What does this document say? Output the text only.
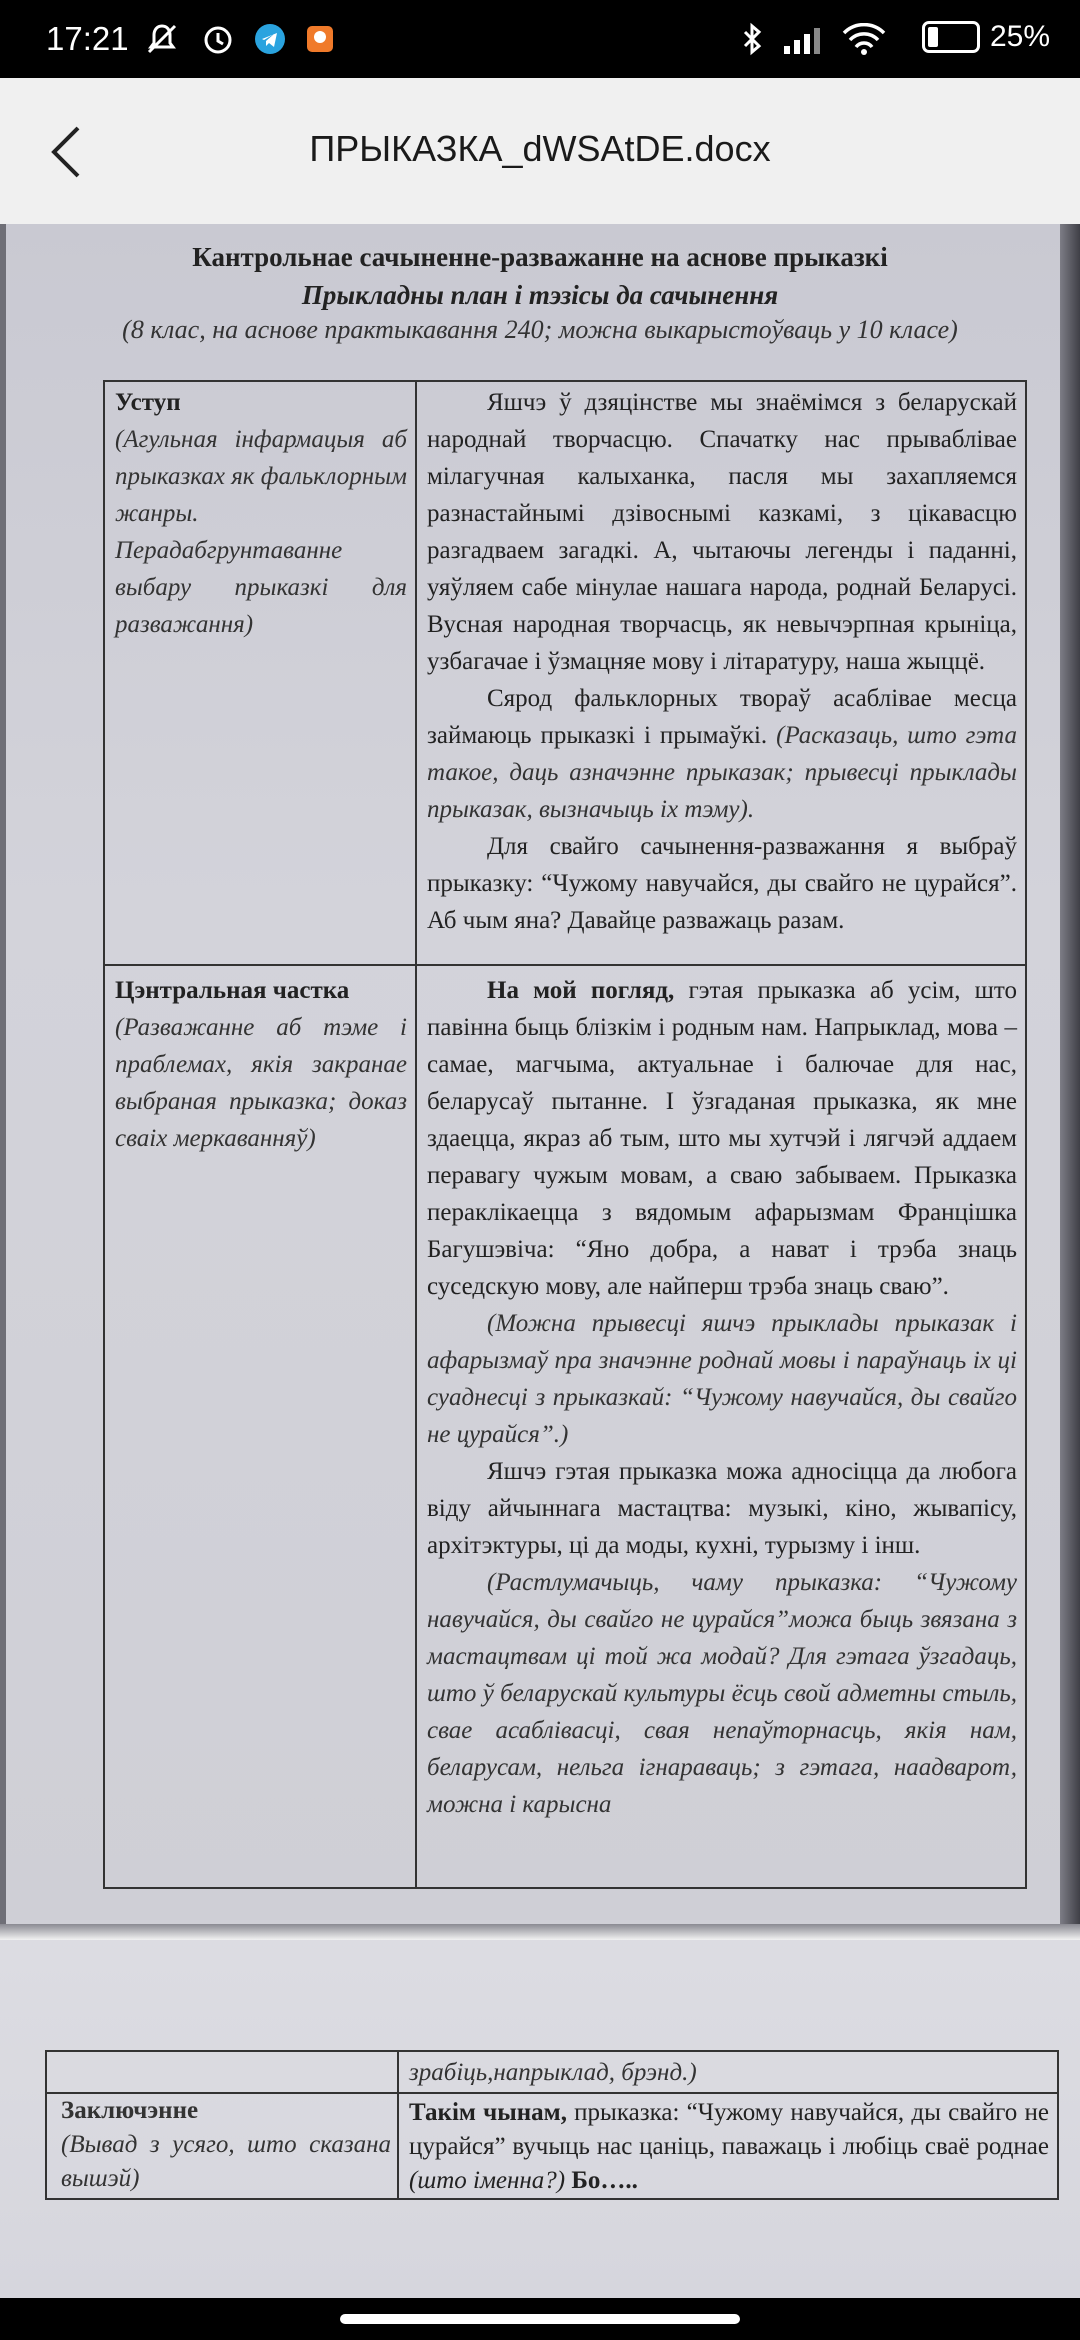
17:21	25%
ПРЫКАЗКА_dWSAtDE.docx
Кантрольнае сачыненне-разважанне на аснове прыказкі
Прыкладны план і тэзісы да сачынення
(8 клас, на аснове практыкавання 240; можна выкарыстоўваць у 10 класе)
Уступ
(Агульная інфармацыя аб прыказках як фальклорным жанры. Перадабгрунтаванне выбару прыказкі для разважання)

Яшчэ ў дзяцінстве мы знаёмімся з беларускай народнай творчасцю. Спачатку нас прываблівае мілагучная калыханка, пасля мы захапляемся разнастайнымі дзівоснымі казкамі, з цікавасцю разгадваем загадкі. А, чытаючы легенды і паданні, уяўляем сабе мінулае нашага народа, роднай Беларусі. Вусная народная творчасць, як невычэрпная крыніца, узбагачае і ўзмацняе мову і літаратуру, наша жыццё.

Сярод фальклорных твораў асаблівае месца займаюць прыказкі і прымаўкі. (Расказаць, што гэта такое, даць азначэнне прыказак; прывесці прыклады прыказак, вызначыць іх тэму).

Для свайго сачынення-разважання я выбраў прыказку: “Чужому навучайся, ды свайго не цурайся”. Аб чым яна? Давайце разважаць разам.

Цэнтральная частка
(Разважанне аб тэме і праблемах, якія закранае выбраная прыказка; доказ сваіх меркаванняў)

На мой погляд, гэтая прыказка аб усім, што павінна быць блізкім і родным нам. Напрыклад, мова – самае, магчыма, актуальнае і балючае для нас, беларусаў пытанне. І ўзгаданая прыказка, як мне здаецца, якраз аб тым, што мы хутчэй і лягчэй аддаем перавагу чужым мовам, а сваю забываем. Прыказка пераклікаецца з вядомым афарызмам Францішка Багушэвіча: “Яно добра, а нават і трэба знаць суседскую мову, але найперш трэба знаць сваю”.

(Можна прывесці яшчэ прыклады прыказак і афарызмаў пра значэнне роднай мовы і параўнаць іх ці суаднесці з прыказкай: “Чужому навучайся, ды свайго не цурайся”.)

Яшчэ гэтая прыказка можа адносіцца да любога віду айчыннага мастацтва: музыкі, кіно, жывапісу, архітэктуры, ці да моды, кухні, турызму і інш.

(Растлумачыць, чаму прыказка: “Чужому навучайся, ды свайго не цурайся”можа быць звязана з мастацтвам ці той жа модай? Для гэтага ўзгадаць, што ў беларускай культуры ёсць свой адметны стыль, свае асаблівасці, свая непаўторнасць, якія нам, беларусам, нельга ігнараваць; з гэтага, наадварот, можна і карысна

зрабіць,напрыклад, брэнд.)
Заключэнне
(Вывад з усяго, што сказана вышэй)
Такім чынам, прыказка: “Чужому навучайся, ды свайго не цурайся” вучыць нас цаніць, паважаць і любіць сваё роднае (што іменна?) Бо…..
